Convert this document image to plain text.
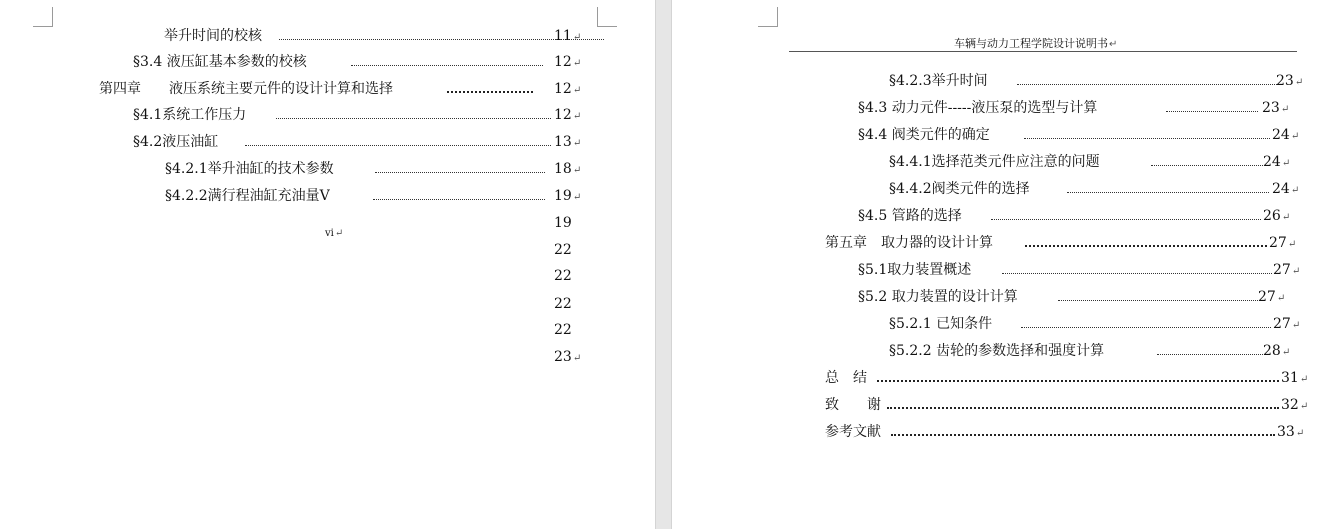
举升时间的校核	11↵
§3.4 液压缸基本参数的校核	12↵
第四章　　液压系统主要元件的设计计算和选择	12↵
§4.1系统工作压力	12↵
§4.2液压油缸	13↵
§4.2.1举升油缸的技术参数	18↵
§4.2.2满行程油缸充油量V	19↵
19
22
22
22
22
23↵
vi↵
车辆与动力工程学院设计说明书↵
§4.2.3举升时间	23↵
§4.3 动力元件-----液压泵的选型与计算	23↵
§4.4 阀类元件的确定	24↵
§4.4.1选择范类元件应注意的问题	24↵
§4.4.2阀类元件的选择	24↵
§4.5 管路的选择	26↵
第五章　取力器的设计计算	27↵
§5.1取力装置概述	27↵
§5.2 取力装置的设计计算	27↵
§5.2.1 已知条件	27↵
§5.2.2 齿轮的参数选择和强度计算	28↵
总　结	31↵
致　　谢	32↵
参考文献	33↵
